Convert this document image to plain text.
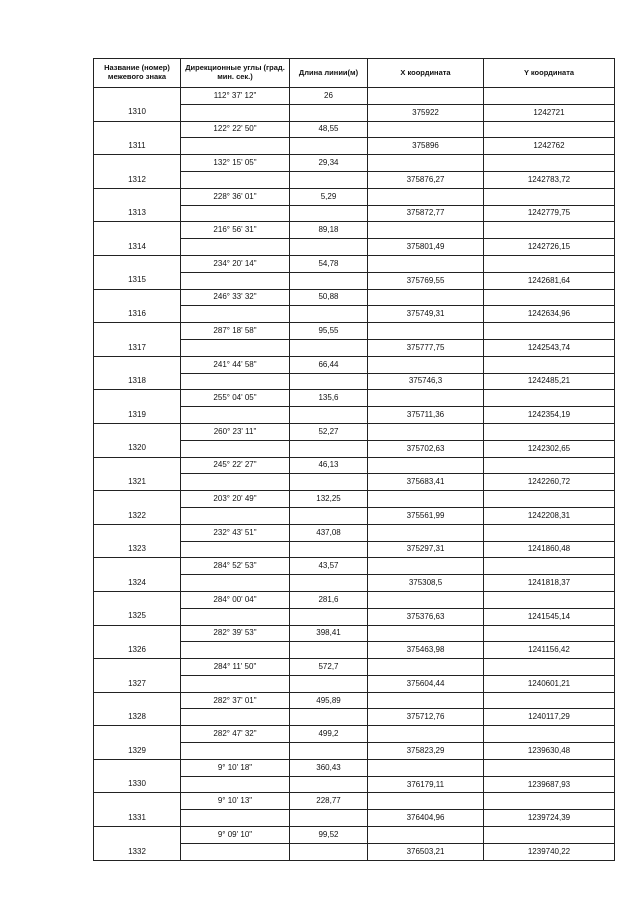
Название (номер) межевого знака	Дирекционные углы (град. мин. сек.)	Длина линии(м)	X координата	Y координата
	112° 37' 12"	26		
1310			375922	1242721
	122° 22' 50"	48,55		
1311			375896	1242762
	132° 15' 05"	29,34		
1312			375876,27	1242783,72
	228° 36' 01"	5,29		
1313			375872,77	1242779,75
	216° 56' 31"	89,18		
1314			375801,49	1242726,15
	234° 20' 14"	54,78		
1315			375769,55	1242681,64
	246° 33' 32"	50,88		
1316			375749,31	1242634,96
	287° 18' 58"	95,55		
1317			375777,75	1242543,74
	241° 44' 58"	66,44		
1318			375746,3	1242485,21
	255° 04' 05"	135,6		
1319			375711,36	1242354,19
	260° 23' 11"	52,27		
1320			375702,63	1242302,65
	245° 22' 27"	46,13		
1321			375683,41	1242260,72
	203° 20' 49"	132,25		
1322			375561,99	1242208,31
	232° 43' 51"	437,08		
1323			375297,31	1241860,48
	284° 52' 53"	43,57		
1324			375308,5	1241818,37
	284° 00' 04"	281,6		
1325			375376,63	1241545,14
	282° 39' 53"	398,41		
1326			375463,98	1241156,42
	284° 11' 50"	572,7		
1327			375604,44	1240601,21
	282° 37' 01"	495,89		
1328			375712,76	1240117,29
	282° 47' 32"	499,2		
1329			375823,29	1239630,48
	9° 10' 18"	360,43		
1330			376179,11	1239687,93
	9° 10' 13"	228,77		
1331			376404,96	1239724,39
	9° 09' 10"	99,52		
1332			376503,21	1239740,22
